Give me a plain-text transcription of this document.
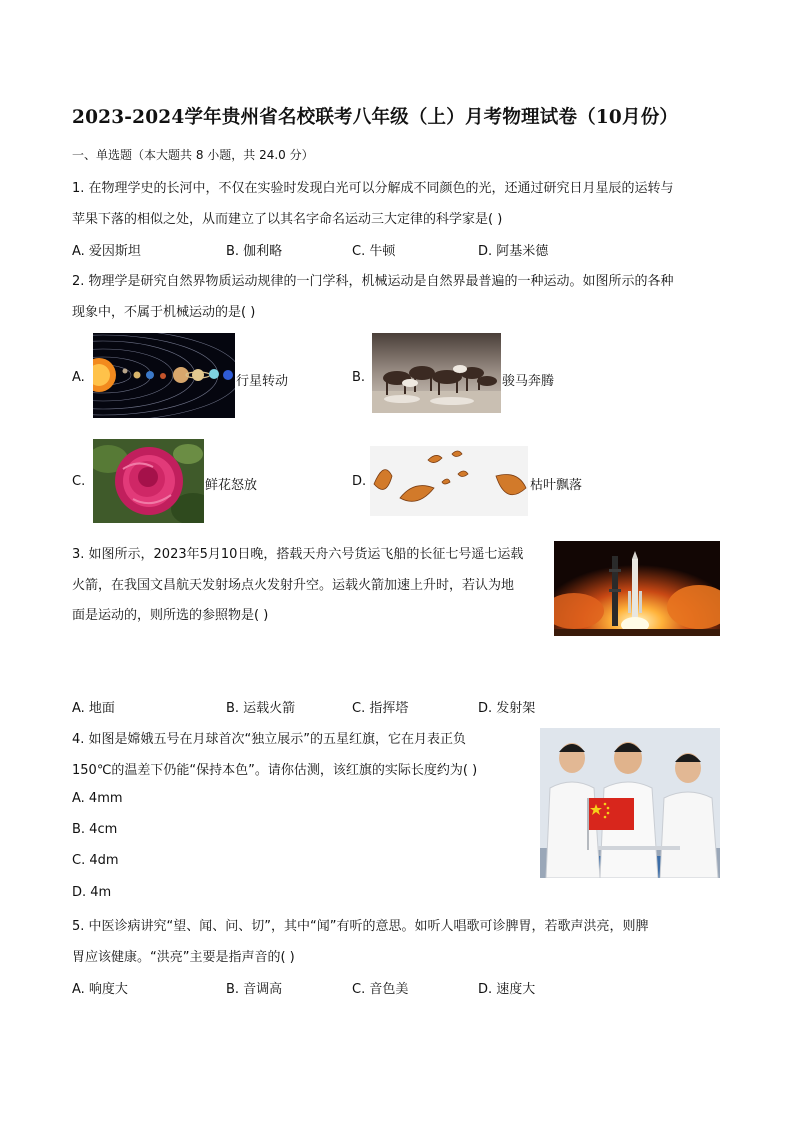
2023-2024学年贵州省名校联考八年级（上）月考物理试卷（10月份）
一、单选题（本大题共 8 小题，共 24.0 分）
1. 在物理学史的长河中，不仅在实验时发现白光可以分解成不同颜色的光，还通过研究日月星辰的运转与
苹果下落的相似之处，从而建立了以其名字命名运动三大定律的科学家是( )
A. 爱因斯坦	B. 伽利略	C. 牛顿	D. 阿基米德
2. 物理学是研究自然界物质运动规律的一门学科，机械运动是自然界最普遍的一种运动。如图所示的各种
现象中，不属于机械运动的是( )
A.	行星转动	B.	骏马奔腾
C.	鲜花怒放	D.	枯叶飘落
3. 如图所示，2023年5月10日晚，搭载天舟六号货运飞船的长征七号遥七运载
火箭，在我国文昌航天发射场点火发射升空。运载火箭加速上升时，若认为地
面是运动的，则所选的参照物是( )
A. 地面	B. 运载火箭	C. 指挥塔	D. 发射架
4. 如图是嫦娥五号在月球首次“独立展示”的五星红旗，它在月表正负
150℃的温差下仍能“保持本色”。请你估测，该红旗的实际长度约为( )
A. 4mm
B. 4cm
C. 4dm
D. 4m
5. 中医诊病讲究“望、闻、问、切”，其中“闻”有听的意思。如听人唱歌可诊脾胃，若歌声洪亮，则脾
胃应该健康。“洪亮”主要是指声音的( )
A. 响度大	B. 音调高	C. 音色美	D. 速度大
